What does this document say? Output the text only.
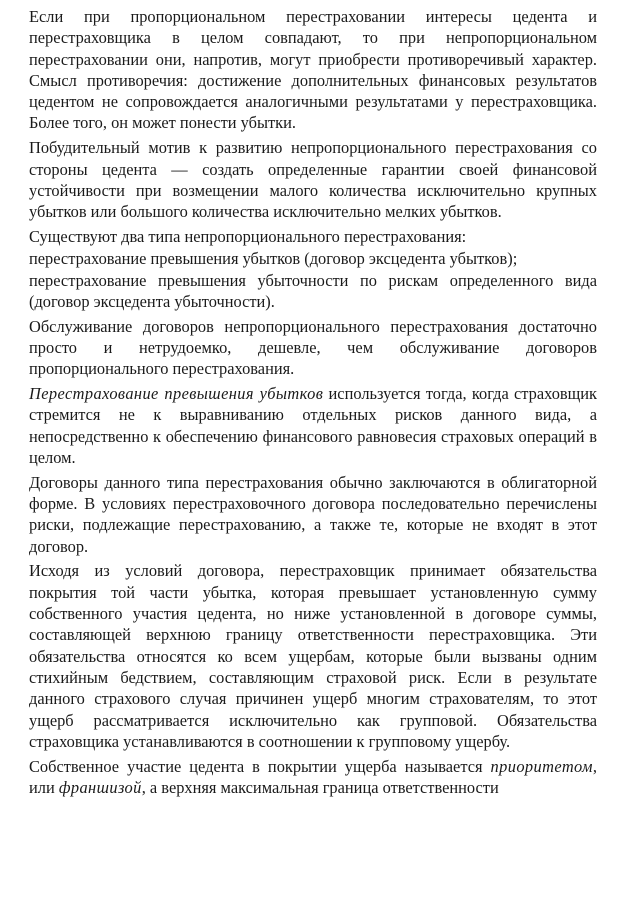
Если при пропорциональном перестраховании интересы цедента и перестраховщика в целом совпадают, то при непропорциональном перестраховании они, напротив, могут приобрести противоречивый характер. Смысл противоречия: достижение дополнительных финансовых результатов цедентом не сопровождается аналогичными результатами у перестраховщика. Более того, он может понести убытки.

Побудительный мотив к развитию непропорционального перестрахования со стороны цедента — создать определенные гарантии своей финансовой устойчивости при возмещении малого количества исключительно крупных убытков или большого количества исключительно мелких убытков.

Существуют два типа непропорционального перестрахования:

перестрахование превышения убытков (договор эксцедента убытков);

перестрахование превышения убыточности по рискам определенного вида (договор эксцедента убыточности).

Обслуживание договоров непропорционального перестрахования достаточно просто и нетрудоемко, дешевле, чем обслуживание договоров пропорционального перестрахования.

Перестрахование превышения убытков используется тогда, когда страховщик стремится не к выравниванию отдельных рисков данного вида, а непосредственно к обеспечению финансового равновесия страховых операций в целом.

Договоры данного типа перестрахования обычно заключаются в облигаторной форме. В условиях перестраховочного договора последовательно перечислены риски, подлежащие перестрахованию, а также те, которые не входят в этот договор.

Исходя из условий договора, перестраховщик принимает обязательства покрытия той части убытка, которая превышает установленную сумму собственного участия цедента, но ниже установленной в договоре суммы, составляющей верхнюю границу ответственности перестраховщика. Эти обязательства относятся ко всем ущербам, которые были вызваны одним стихийным бедствием, составляющим страховой риск. Если в результате данного страхового случая причинен ущерб многим страхователям, то этот ущерб рассматривается исключительно как групповой. Обязательства страховщика устанавливаются в соотношении к групповому ущербу.

Собственное участие цедента в покрытии ущерба называется приоритетом, или франшизой, а верхняя максимальная граница ответственности
